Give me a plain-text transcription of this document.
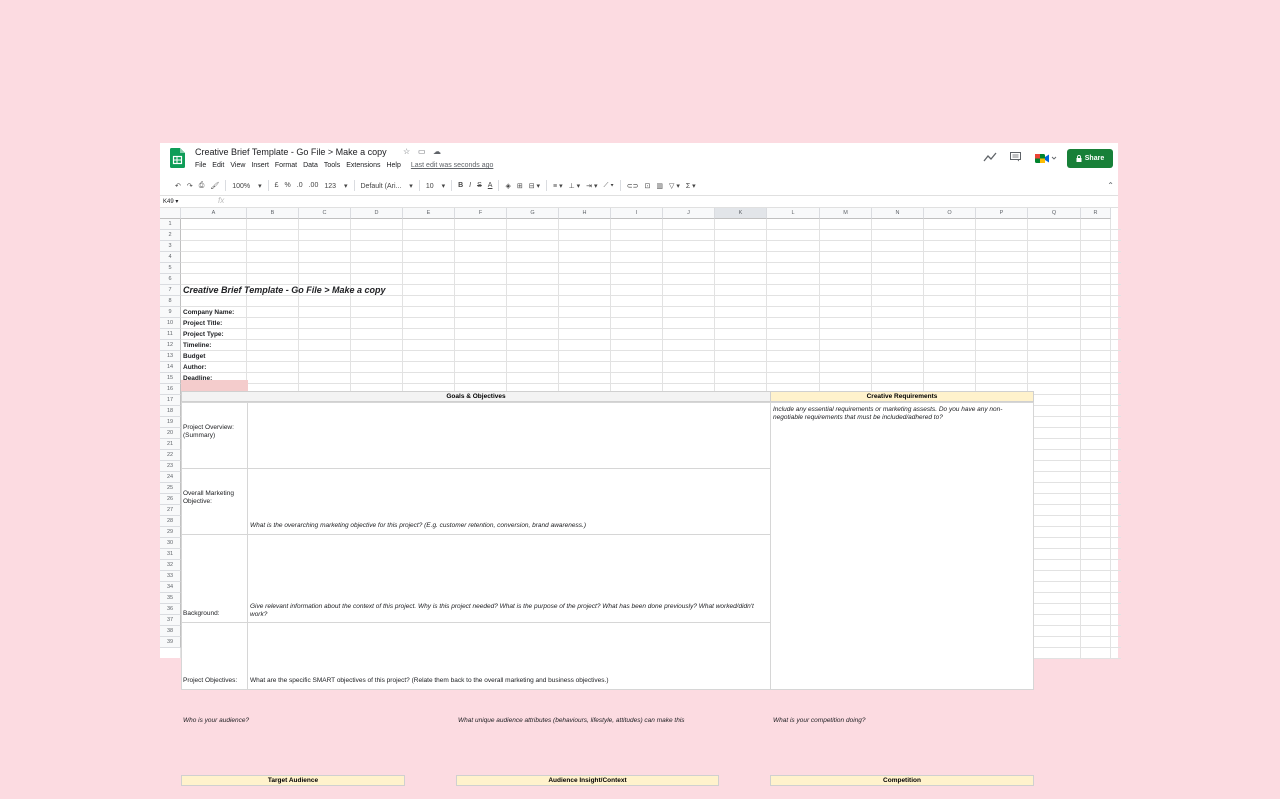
Creative Brief Template - Go File > Make a copy ☆ ▭ ☁
File Edit View Insert Format Data Tools Extensions Help Last edit was seconds ago
Share
↶ ↷ ⎙ 🖌︎ 100% ▾ £ % .0 .00 123 ▾ Default (Ari... ▾ 10 ▾ B I S A ◈ ⊞ ⊟ ▾ ≡ ▾ ⊥ ▾ ⇥ ▾ ⟋ ▾ ⊂⊃ ⊡ ▥ ▽ ▾ Σ ▾	⌃
K49 ▾	fx
A	B	C	D	E	F	G	H	I	J	K	L	M	N	O	P	Q	R
1
2
3
4
5
6
7
8
9
10
11
12
13
14
15
16
17
18
19
20
21
22
23
24
25
26
27
28
29
30
31
32
33
34
35
36
37
38
39
Goals & Objectives	Creative Requirements
Target Audience	Audience Insight/Context	Competition
Creative Brief Template - Go File > Make a copy
Company Name:
Project Title:
Project Type:
Timeline:
Budget
Author:
Deadline:
Project Overview: (Summary)
Include any essential requirements or marketing assests. Do you have any non-negotiable requirements that must be included/adhered to?
Overall Marketing Objective:
What is the overarching marketing objective for this project? (E.g. customer retention, conversion, brand awareness.)
Background:
Give relevant information about the context of this project. Why is this project needed? What is the purpose of the project? What has been done previously? What worked/didn't work?
Project Objectives: What are the specific SMART objectives of this project? (Relate them back to the overall marketing and business objectives.)
Who is your audience?	What unique audience attributes (behaviours, lifestyle, attitudes) can make this	What is your competition doing?
